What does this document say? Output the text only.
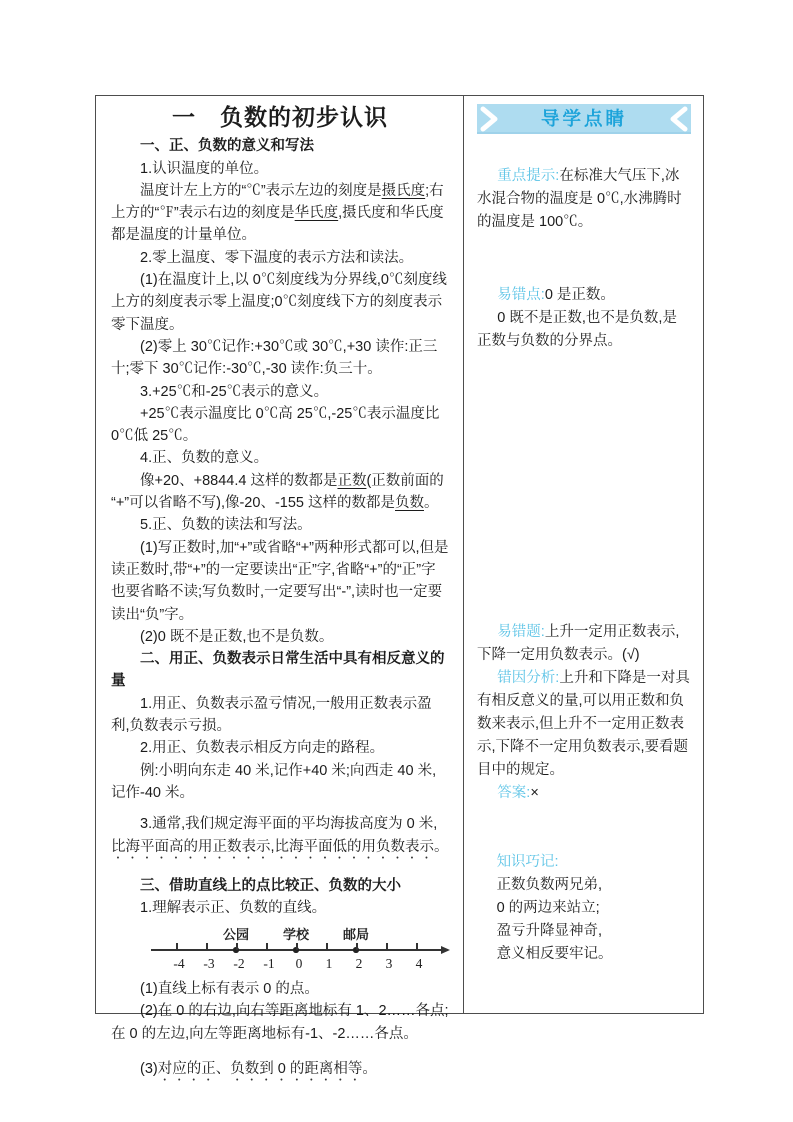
一　负数的初步认识

一、正、负数的意义和写法

1.认识温度的单位。

温度计左上方的“℃”表示左边的刻度是摄氏度;右上方的“℉”表示右边的刻度是华氏度,摄氏度和华氏度都是温度的计量单位。

2.零上温度、零下温度的表示方法和读法。

(1)在温度计上,以 0℃刻度线为分界线,0℃刻度线上方的刻度表示零上温度;0℃刻度线下方的刻度表示零下温度。

(2)零上 30℃记作:+30℃或 30℃,+30 读作:正三十;零下 30℃记作:-30℃,-30 读作:负三十。

3.+25℃和-25℃表示的意义。

+25℃表示温度比 0℃高 25℃,-25℃表示温度比 0℃低 25℃。

4.正、负数的意义。

像+20、+8844.4 这样的数都是正数(正数前面的“+”可以省略不写),像-20、-155 这样的数都是负数。

5.正、负数的读法和写法。

(1)写正数时,加“+”或省略“+”两种形式都可以,但是读正数时,带“+”的一定要读出“正”字,省略“+”的“正”字也要省略不读;写负数时,一定要写出“-”,读时也一定要读出“负”字。

(2)0 既不是正数,也不是负数。

二、用正、负数表示日常生活中具有相反意义的量

1.用正、负数表示盈亏情况,一般用正数表示盈利,负数表示亏损。

2.用正、负数表示相反方向走的路程。

例:小明向东走 40 米,记作+40 米;向西走 40 米,记作-40 米。

3.通常,我们规定海平面的平均海拔高度为 0 米,比海平面高的用正数表示,比海平面低的用负数表示。

三、借助直线上的点比较正、负数的大小

1.理解表示正、负数的直线。

公园	学校	邮局
-4	-3	-2	-1	0	1	2	3	4

(1)直线上标有表示 0 的点。

(2)在 0 的右边,向右等距离地标有 1、2……各点;在 0 的左边,向左等距离地标有-1、-2……各点。

(3)对应的正、负数到 0 的距离相等。

导学点睛

重点提示:在标准大气压下,冰水混合物的温度是 0℃,水沸腾时的温度是 100℃。

易错点:0 是正数。

0 既不是正数,也不是负数,是正数与负数的分界点。

易错题:上升一定用正数表示,下降一定用负数表示。(√)

错因分析:上升和下降是一对具有相反意义的量,可以用正数和负数来表示,但上升不一定用正数表示,下降不一定用负数表示,要看题目中的规定。

答案:×

知识巧记:
正数负数两兄弟,
0 的两边来站立;
盈亏升降显神奇,
意义相反要牢记。
